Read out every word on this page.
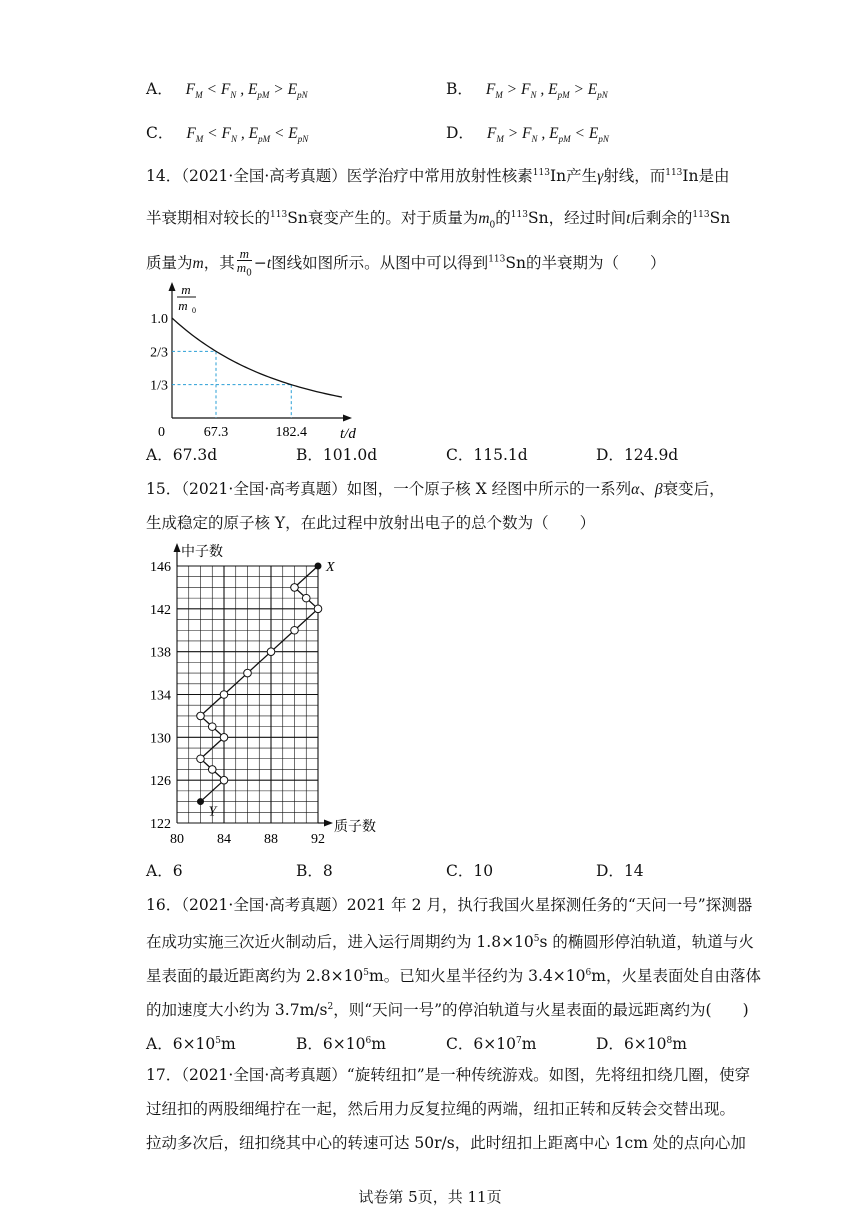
A． $F_M < F_N$ , $E_{pM} > E_{pN}$	B． $F_M > F_N$ , $E_{pM} > E_{pN}$
C． $F_M < F_N$ , $E_{pM} < E_{pN}$	D． $F_M > F_N$ , $E_{pM} < E_{pN}$
14．（2021·全国·高考真题）医学治疗中常用放射性核素$^{113}$In产生γ射线，而$^{113}$In是由
半衰期相对较长的$^{113}$Sn衰变产生的。对于质量为$m_0$的$^{113}$Sn，经过时间t后剩余的$^{113}$Sn
质量为m，其 $\frac{m}{m_0} -t$图线如图所示。从图中可以得到$^{113}$Sn的半衰期为（　　）
m
m 0
0
1.0
2/3
1/3
67.3	182.4 t/d
A．67.3d	B．101.0d	C．115.1d	D．124.9d
15．（2021·全国·高考真题）如图，一个原子核 X 经图中所示的一系列α、β衰变后，
生成稳定的原子核 Y，在此过程中放射出电子的总个数为（　　）
中子数
质子数
122
126
130
134
138
142
146
80 84 88 92
X
Y
A．6	B．8	C．10	D．14
16．（2021·全国·高考真题）2021 年 2 月，执行我国火星探测任务的“天问一号”探测器
在成功实施三次近火制动后，进入运行周期约为 $1.8\times 10^5s$ 的椭圆形停泊轨道，轨道与火
星表面的最近距离约为 $2.8\times 10^5m$。已知火星半径约为 $3.4\times 10^6m$，火星表面处自由落体
的加速度大小约为 $3.7m/s^2$，则“天问一号”的停泊轨道与火星表面的最远距离约为(　　)
A．$6\times 10^5m$	B．$6\times 10^6m$	C．$6\times 10^7m$	D．$6\times 10^8m$
17．（2021·全国·高考真题）“旋转纽扣”是一种传统游戏。如图，先将纽扣绕几圈，使穿
过纽扣的两股细绳拧在一起，然后用力反复拉绳的两端，纽扣正转和反转会交替出现。
拉动多次后，纽扣绕其中心的转速可达 50r/s，此时纽扣上距离中心 1cm 处的点向心加
试卷第 5页，共 11页
